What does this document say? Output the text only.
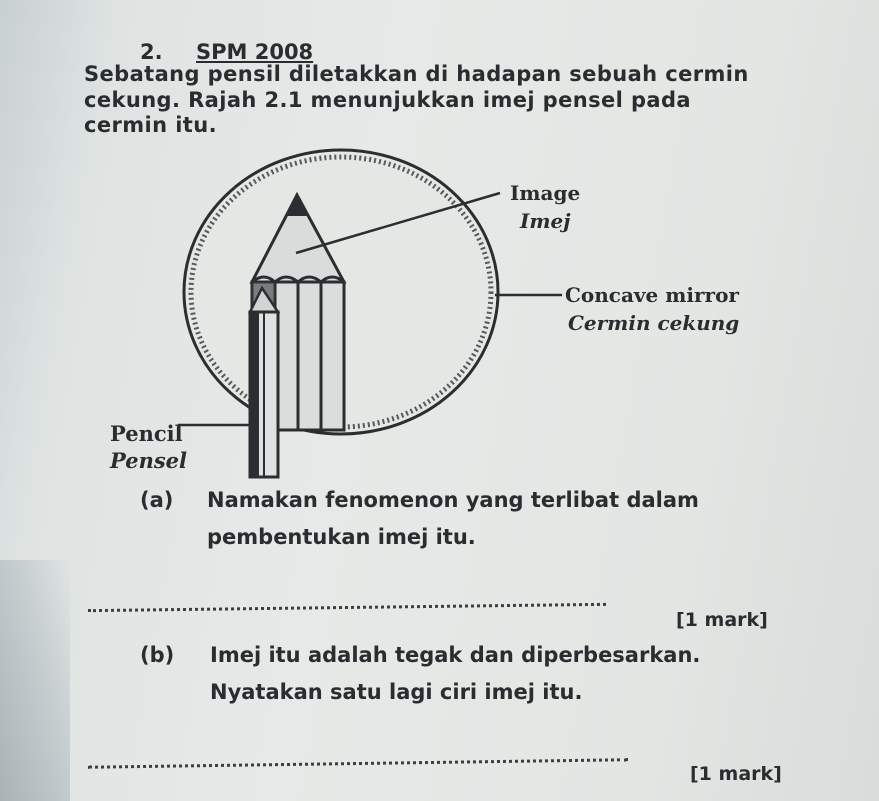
2. SPM 2008
Sebatang pensil diletakkan di hadapan sebuah cermin
cekung. Rajah 2.1 menunjukkan imej pensel pada
cermin itu.
Image
Imej
Concave mirror
Cermin cekung
Pencil
Pensel
(a) Namakan fenomenon yang terlibat dalam
pembentukan imej itu.
[1 mark]
(b) Imej itu adalah tegak dan diperbesarkan.
Nyatakan satu lagi ciri imej itu.
[1 mark]
